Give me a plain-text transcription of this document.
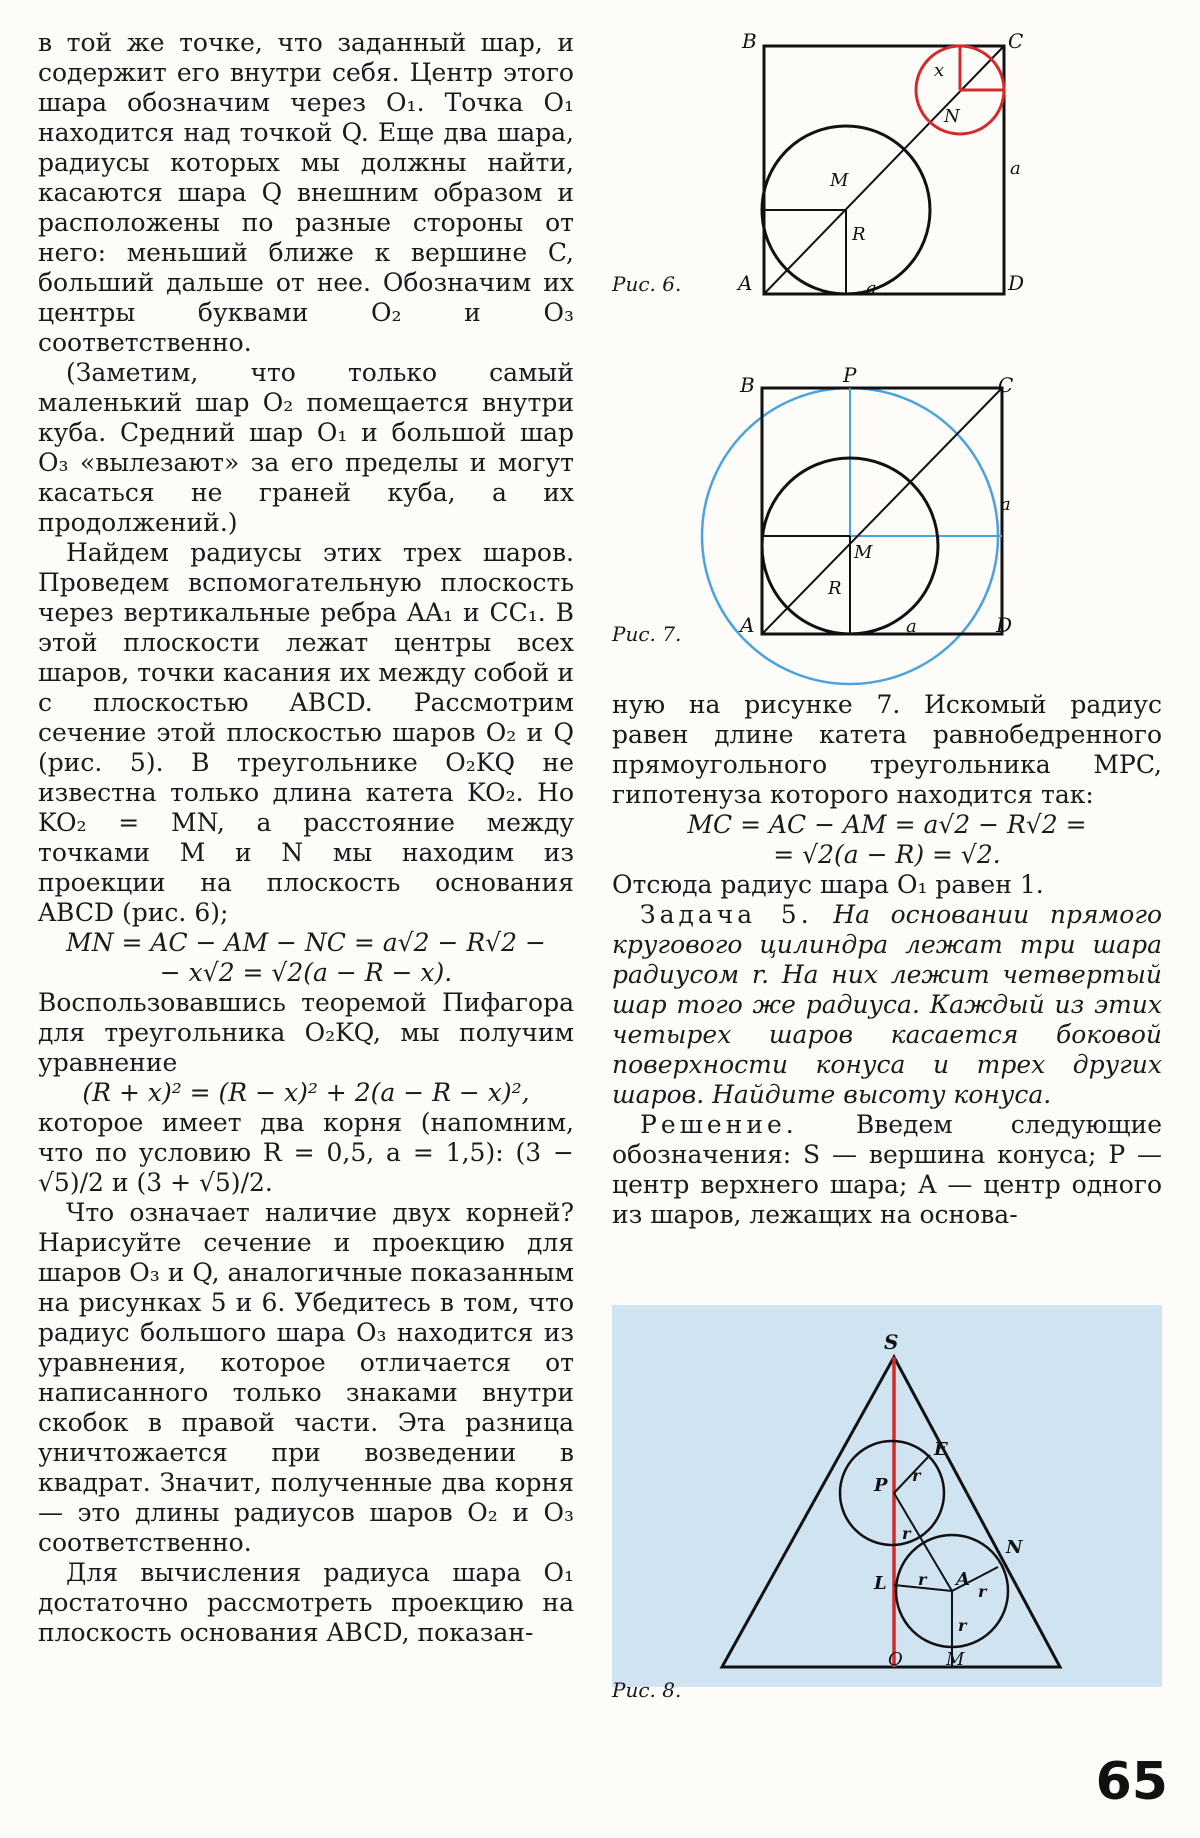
в той же точке, что заданный шар, и содержит его внутри себя. Центр этого шара обозначим через O₁. Точка O₁ находится над точкой Q. Еще два шара, радиусы которых мы должны найти, касаются шара Q внешним образом и расположены по разные стороны от него: меньший ближе к вершине C, больший дальше от нее. Обозначим их центры буквами O₂ и O₃ соответственно.

(Заметим, что только самый маленький шар O₂ помещается внутри куба. Средний шар O₁ и большой шар O₃ «вылезают» за его пределы и могут касаться не граней куба, а их продолжений.)

Найдем радиусы этих трех шаров. Проведем вспомогательную плоскость через вертикальные ребра AA₁ и CC₁. В этой плоскости лежат центры всех шаров, точки касания их между собой и с плоскостью ABCD. Рассмотрим сечение этой плоскостью шаров O₂ и Q (рис. 5). В треугольнике O₂KQ не известна только длина катета KO₂. Но KO₂ = MN, а расстояние между точками M и N мы находим из проекции на плоскость основания ABCD (рис. 6);

MN = AC − AM − NC = a√2 − R√2 −

− x√2 = √2(a − R − x).

Воспользовавшись теоремой Пифагора для треугольника O₂KQ, мы получим уравнение

(R + x)² = (R − x)² + 2(a − R − x)²,

которое имеет два корня (напомним, что по условию R = 0,5, a = 1,5): (3 − √5)/2 и (3 + √5)/2.

Что означает наличие двух корней? Нарисуйте сечение и проекцию для шаров O₃ и Q, аналогичные показанным на рисунках 5 и 6. Убедитесь в том, что радиус большого шара O₃ находится из уравнения, которое отличается от написанного только знаками внутри скобок в правой части. Эта разница уничтожается при возведении в квадрат. Значит, полученные два корня — это длины радиусов шаров O₂ и O₃ соответственно.

Для вычисления радиуса шара O₁ достаточно рассмотреть проекцию на плоскость основания ABCD, показан-

B	C
A	D
x
N
M
R
a
a
Рис. 6.
B	P	C
a
M
R
A	a	D
Рис. 7.

ную на рисунке 7. Искомый радиус равен длине катета равнобедренного прямоугольного треугольника MPC, гипотенуза которого находится так:

MC = AC − AM = a√2 − R√2 =

= √2(a − R) = √2.

Отсюда радиус шара O₁ равен 1.

Задача 5. На основании прямого кругового цилиндра лежат три шара радиусом r. На них лежит четвертый шар того же радиуса. Каждый из этих четырех шаров касается боковой поверхности конуса и трех других шаров. Найдите высоту конуса.

Решение. Введем следующие обозначения: S — вершина конуса; P — центр верхнего шара; A — центр одного из шаров, лежащих на основа-

S
E
P r
r
N
r A
r
L
r
O M
Рис. 8.
65
